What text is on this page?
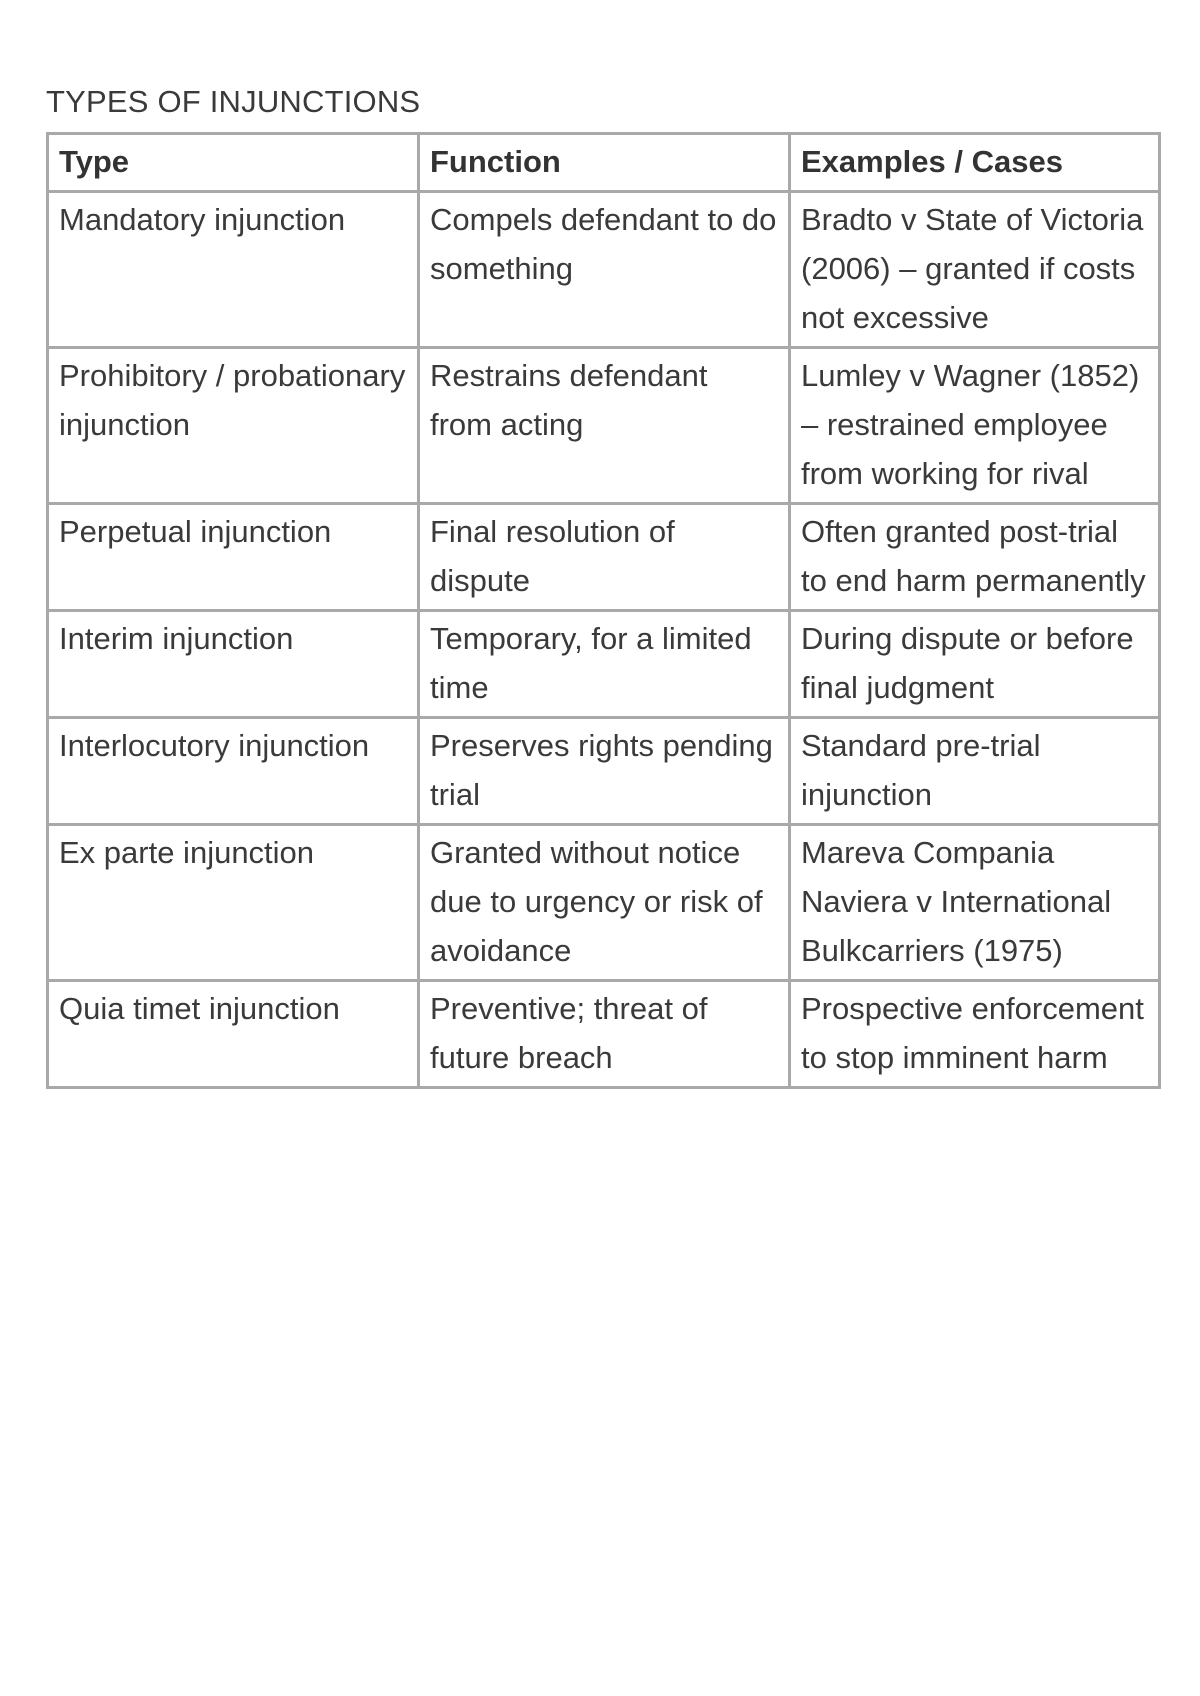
TYPES OF INJUNCTIONS
Type	Function	Examples / Cases
Mandatory injunction	Compels defendant to do something	Bradto v State of Victoria (2006) – granted if costs not excessive
Prohibitory / probationary injunction	Restrains defendant from acting	Lumley v Wagner (1852) – restrained employee from working for rival
Perpetual injunction	Final resolution of dispute	Often granted post-trial to end harm permanently
Interim injunction	Temporary, for a limited time	During dispute or before final judgment
Interlocutory injunction	Preserves rights pending trial	Standard pre-trial injunction
Ex parte injunction	Granted without notice due to urgency or risk of avoidance	Mareva Compania Naviera v International Bulkcarriers (1975)
Quia timet injunction	Preventive; threat of future breach	Prospective enforcement to stop imminent harm
